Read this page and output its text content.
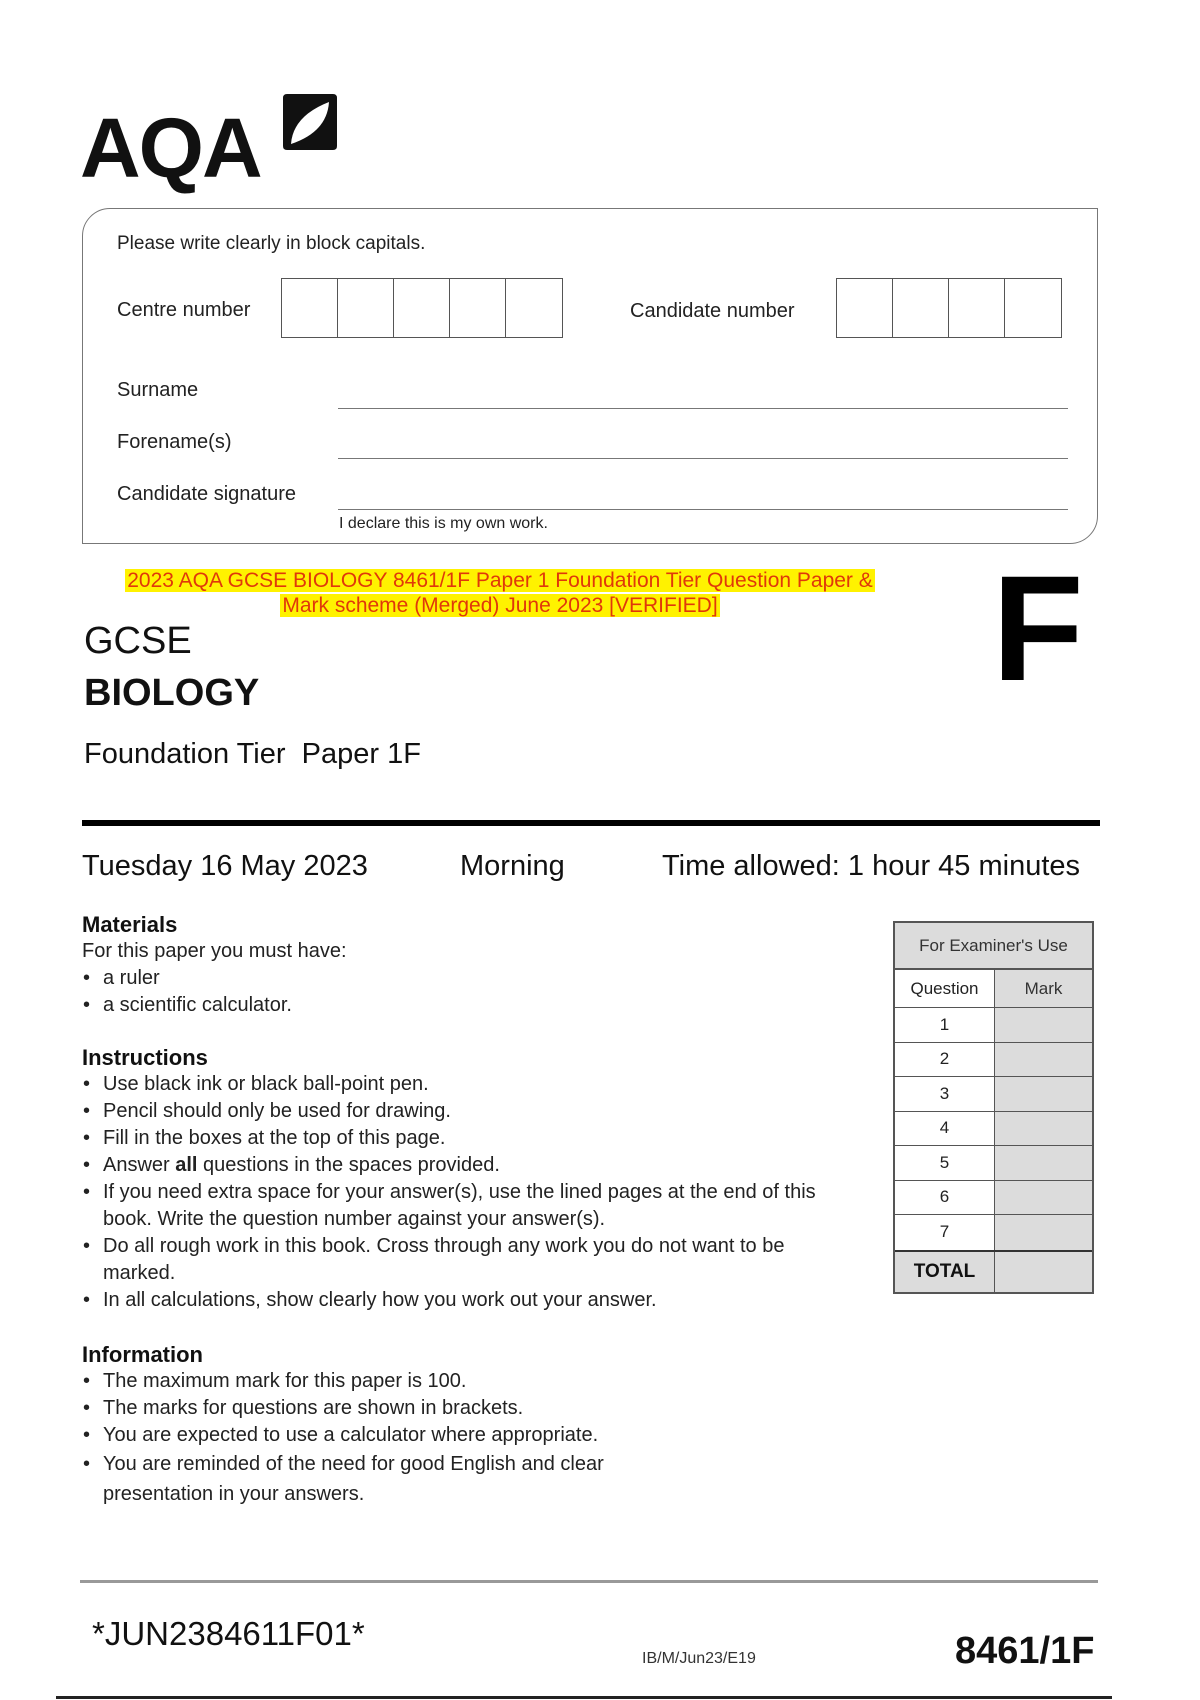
AQA
Please write clearly in block capitals.
Centre number	Candidate number
Surname
Forename(s)
Candidate signature
I declare this is my own work.
2023 AQA GCSE BIOLOGY 8461/1F Paper 1 Foundation Tier Question Paper &
Mark scheme (Merged) June 2023 [VERIFIED]	F
GCSE
BIOLOGY
Foundation Tier  Paper 1F
Tuesday 16 May 2023	Morning	Time allowed: 1 hour 45 minutes
Materials
For this paper you must have:
• a ruler
• a scientific calculator.
Instructions
• Use black ink or black ball-point pen.
• Pencil should only be used for drawing.
• Fill in the boxes at the top of this page.
• Answer all questions in the spaces provided.
• If you need extra space for your answer(s), use the lined pages at the end of this book. Write the question number against your answer(s).
• Do all rough work in this book. Cross through any work you do not want to be marked.
• In all calculations, show clearly how you work out your answer.
Information
• The maximum mark for this paper is 100.
• The marks for questions are shown in brackets.
• You are expected to use a calculator where appropriate.
• You are reminded of the need for good English and clear presentation in your answers.
For Examiner's Use
Question	Mark
1
2
3
4
5
6
7
TOTAL
*JUN2384611F01*
IB/M/Jun23/E19	8461/1F
